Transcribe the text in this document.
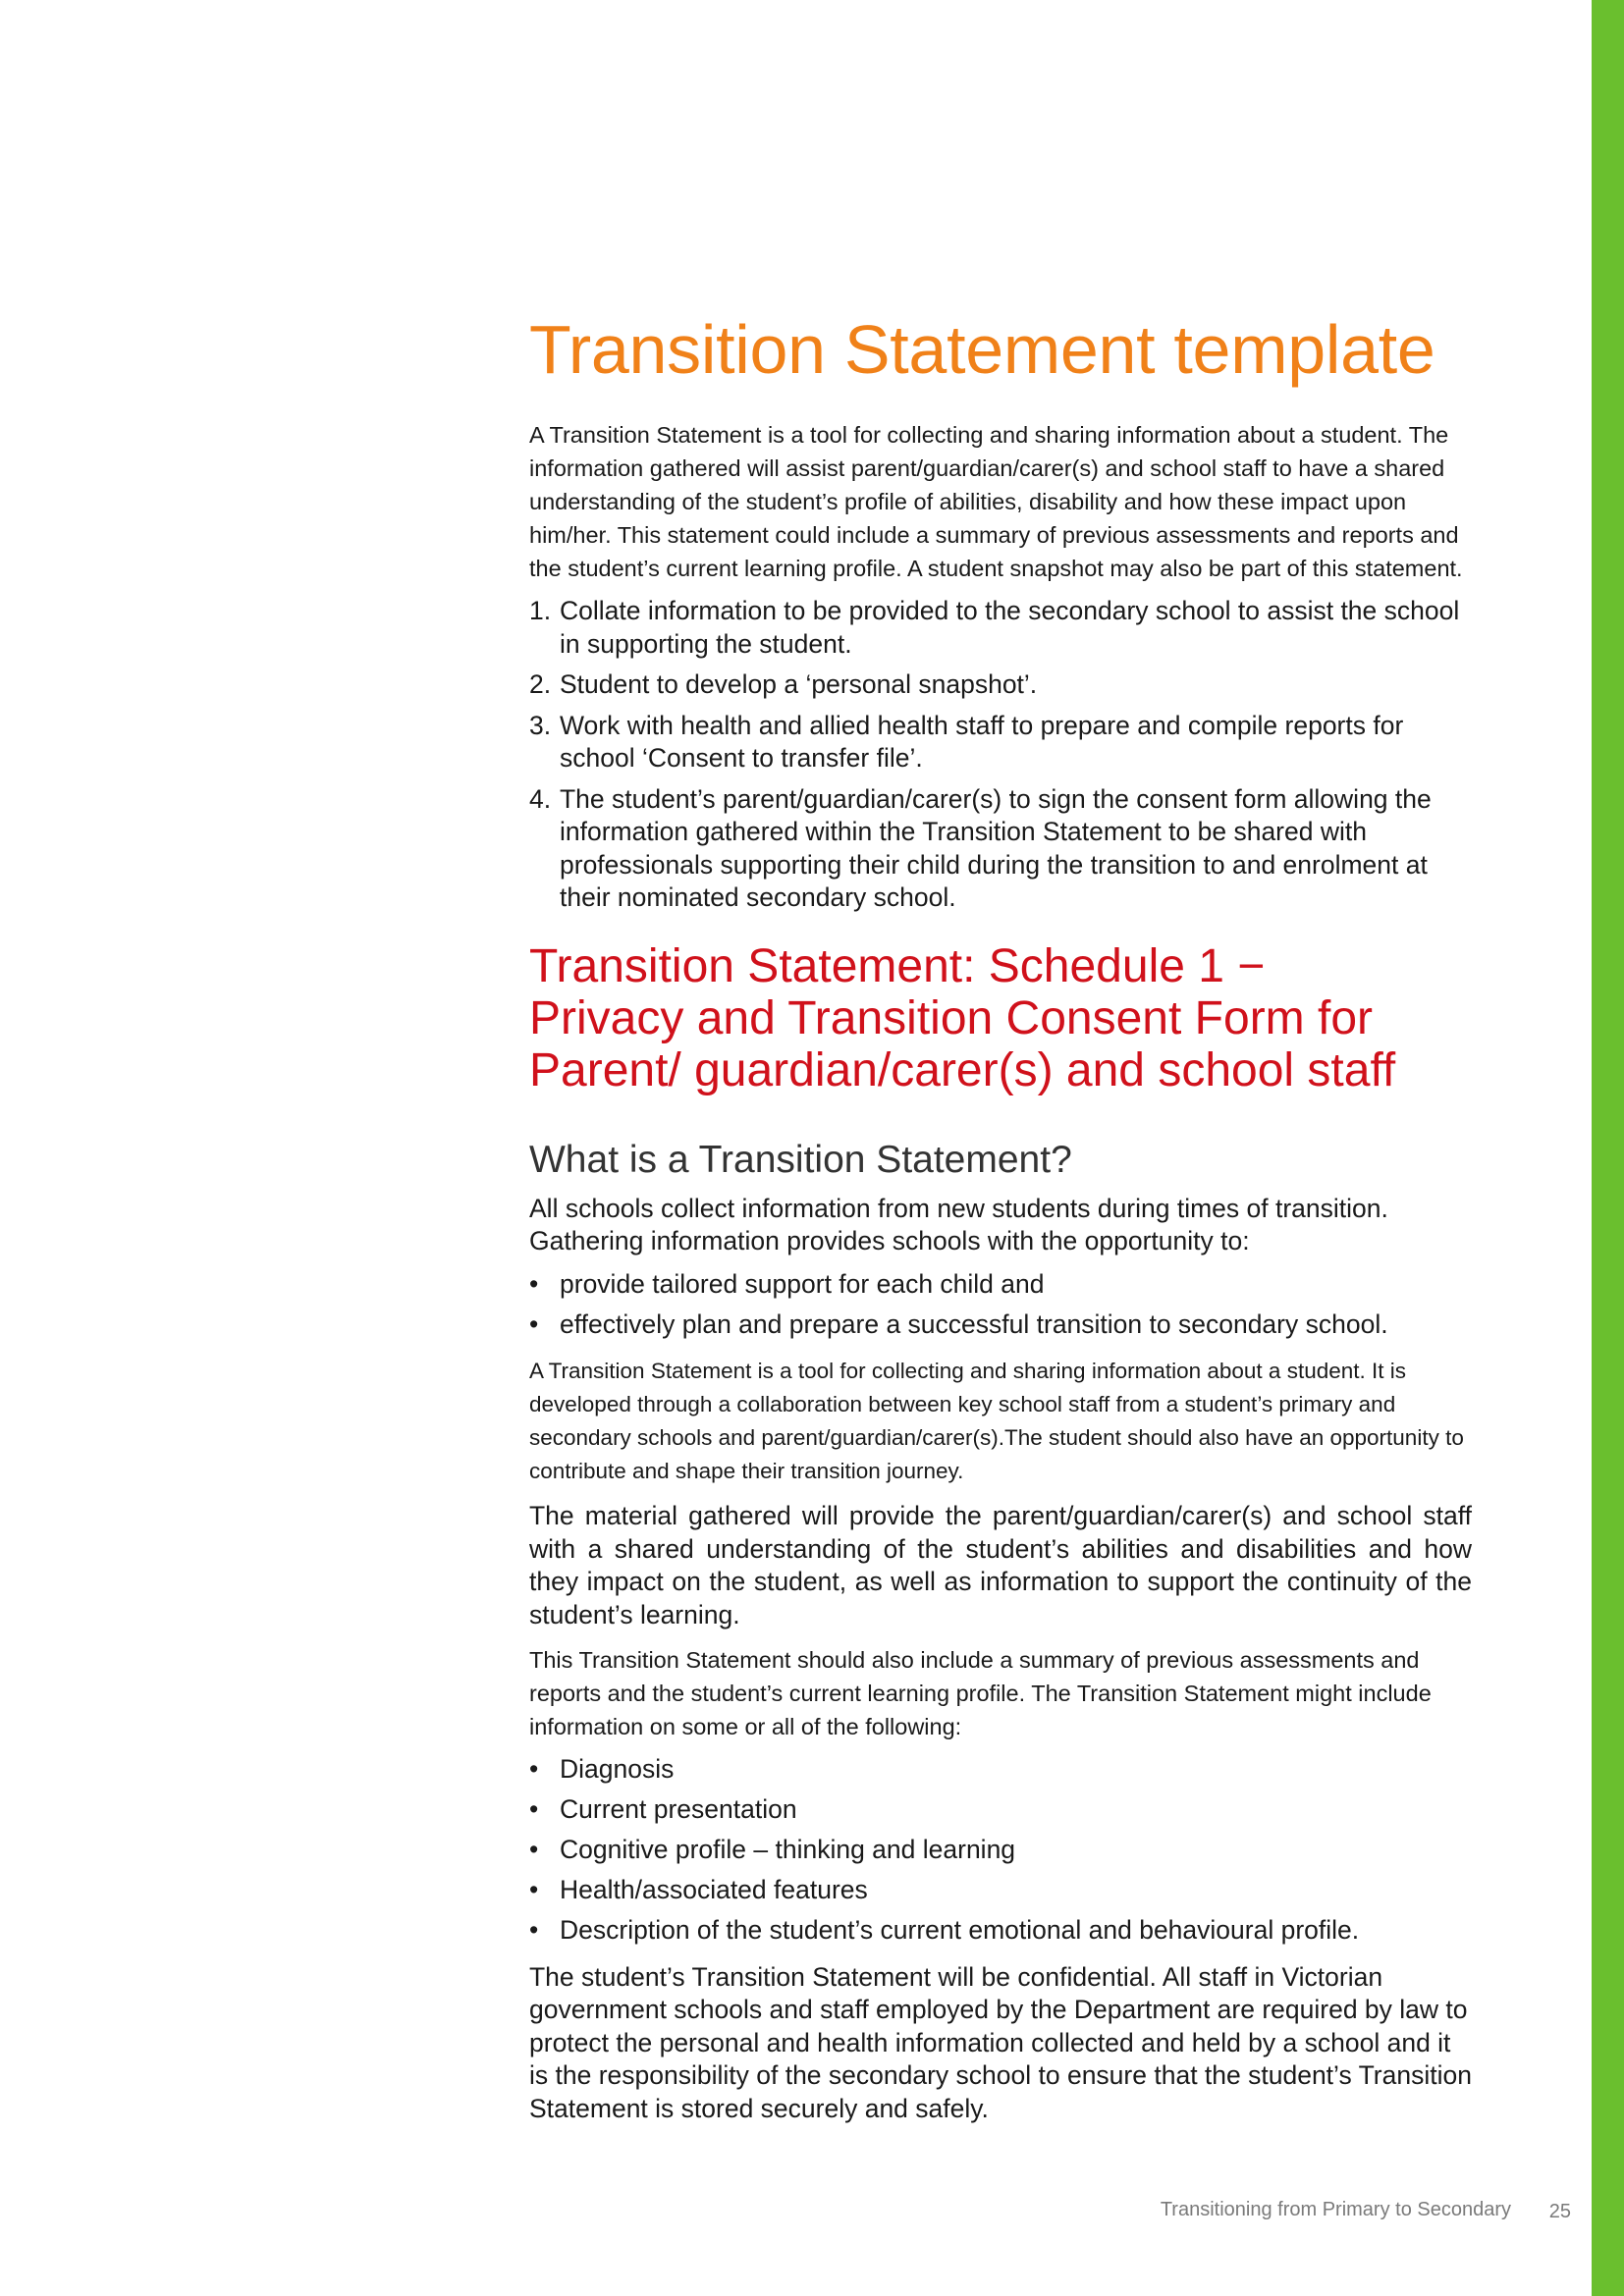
Transition Statement template

A Transition Statement is a tool for collecting and sharing information about a student. The information gathered will assist parent/guardian/carer(s) and school staff to have a shared understanding of the student’s profile of abilities, disability and how these impact upon him/her. This statement could include a summary of previous assessments and reports and the student’s current learning profile. A student snapshot may also be part of this statement.

1. Collate information to be provided to the secondary school to assist the school in supporting the student.
2. Student to develop a ‘personal snapshot’.
3. Work with health and allied health staff to prepare and compile reports for school ‘Consent to transfer file’.
4. The student’s parent/guardian/carer(s) to sign the consent form allowing the information gathered within the Transition Statement to be shared with professionals supporting their child during the transition to and enrolment at their nominated secondary school.
Transition Statement: Schedule 1 −
Privacy and Transition Consent Form for
Parent/ guardian/carer(s) and school staff
What is a Transition Statement?

All schools collect information from new students during times of transition. Gathering information provides schools with the opportunity to:

• provide tailored support for each child and
• effectively plan and prepare a successful transition to secondary school.

A Transition Statement is a tool for collecting and sharing information about a student. It is developed through a collaboration between key school staff from a student’s primary and secondary schools and parent/guardian/carer(s).The student should also have an opportunity to contribute and shape their transition journey.

The material gathered will provide the parent/guardian/carer(s) and school staff with a shared understanding of the student’s abilities and disabilities and how they impact on the student, as well as information to support the continuity of the student’s learning.

This Transition Statement should also include a summary of previous assessments and reports and the student’s current learning profile. The Transition Statement might include information on some or all of the following:

• Diagnosis
• Current presentation
• Cognitive profile – thinking and learning
• Health/associated features
• Description of the student’s current emotional and behavioural profile.

The student’s Transition Statement will be confidential. All staff in Victorian government schools and staff employed by the Department are required by law to protect the personal and health information collected and held by a school and it is the responsibility of the secondary school to ensure that the student’s Transition Statement is stored securely and safely.

Transitioning from Primary to Secondary 25
